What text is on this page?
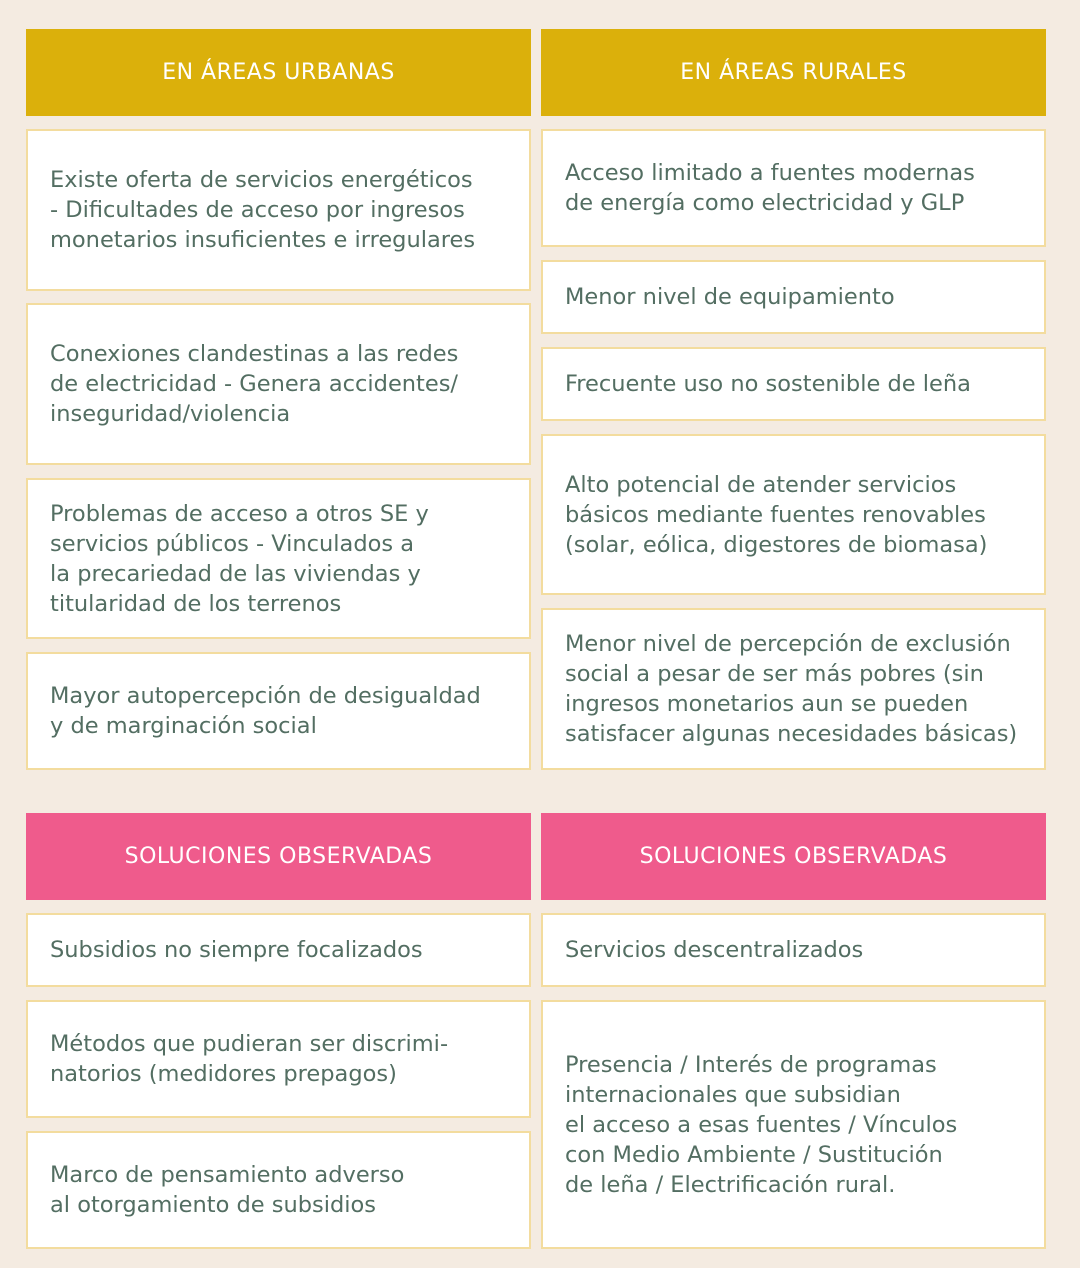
EN ÁREAS URBANAS	EN ÁREAS RURALES
Existe oferta de servicios energéticos
- Dificultades de acceso por ingresos
monetarios insuficientes e irregulares
Conexiones clandestinas a las redes
de electricidad - Genera accidentes/
inseguridad/violencia
Problemas de acceso a otros SE y
servicios públicos - Vinculados a
la precariedad de las viviendas y
titularidad de los terrenos
Mayor autopercepción de desigualdad
y de marginación social
Acceso limitado a fuentes modernas
de energía como electricidad y GLP
Menor nivel de equipamiento
Frecuente uso no sostenible de leña
Alto potencial de atender servicios
básicos mediante fuentes renovables
(solar, eólica, digestores de biomasa)
Menor nivel de percepción de exclusión
social a pesar de ser más pobres (sin
ingresos monetarios aun se pueden
satisfacer algunas necesidades básicas)
SOLUCIONES OBSERVADAS	SOLUCIONES OBSERVADAS
Subsidios no siempre focalizados
Métodos que pudieran ser discrimi-
natorios (medidores prepagos)
Marco de pensamiento adverso
al otorgamiento de subsidios
Servicios descentralizados
Presencia / Interés de programas
internacionales que subsidian
el acceso a esas fuentes / Vínculos
con Medio Ambiente / Sustitución
de leña / Electrificación rural.
